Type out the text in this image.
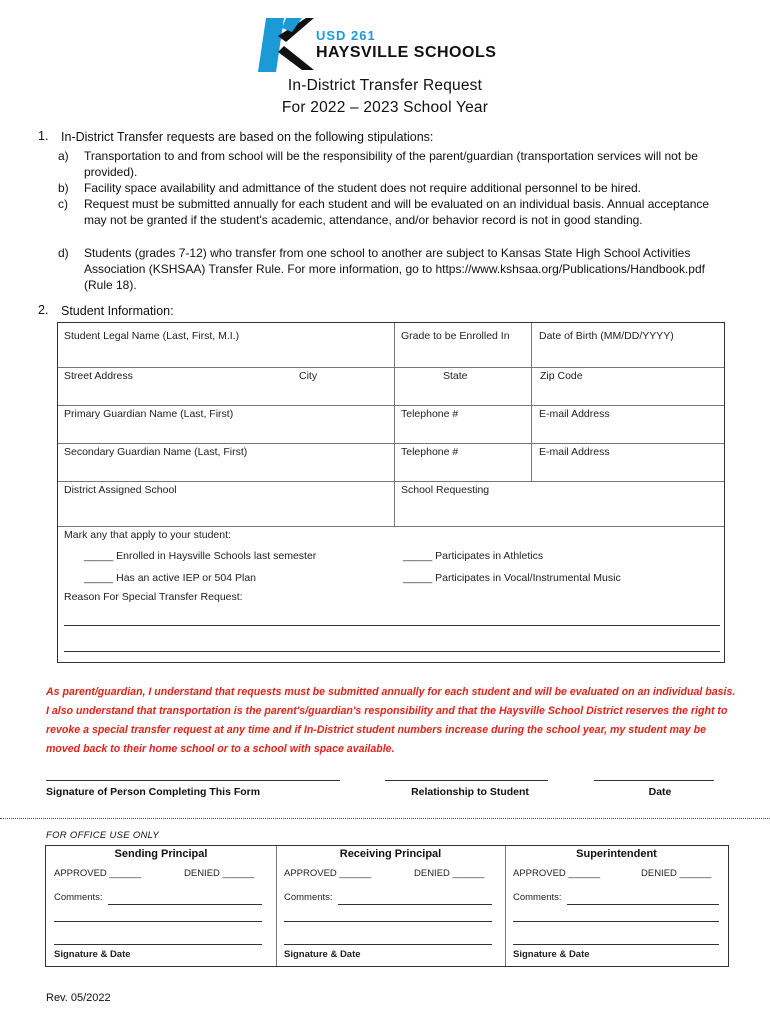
USD 261
HAYSVILLE SCHOOLS
In-District Transfer Request
For 2022 – 2023 School Year
1. In-District Transfer requests are based on the following stipulations:
a) Transportation to and from school will be the responsibility of the parent/guardian (transportation services will not be provided).
b) Facility space availability and admittance of the student does not require additional personnel to be hired.
c) Request must be submitted annually for each student and will be evaluated on an individual basis. Annual acceptance may not be granted if the student's academic, attendance, and/or behavior record is not in good standing.
d) Students (grades 7-12) who transfer from one school to another are subject to Kansas State High School Activities Association (KSHSAA) Transfer Rule. For more information, go to https://www.kshsaa.org/Publications/Handbook.pdf (Rule 18).
2. Student Information:
Student Legal Name (Last, First, M.I.)	Grade to be Enrolled In	Date of Birth (MM/DD/YYYY)
Street Address	City	State	Zip Code
Primary Guardian Name (Last, First)	Telephone #	E-mail Address
Secondary Guardian Name (Last, First)	Telephone #	E-mail Address
District Assigned School	School Requesting
Mark any that apply to your student:
_____ Enrolled in Haysville Schools last semester	_____ Participates in Athletics
_____ Has an active IEP or 504 Plan	_____ Participates in Vocal/Instrumental Music
Reason For Special Transfer Request:
As parent/guardian, I understand that requests must be submitted annually for each student and will be evaluated on an individual basis. I also understand that transportation is the parent's/guardian's responsibility and that the Haysville School District reserves the right to revoke a special transfer request at any time and if In-District student numbers increase during the school year, my student may be moved back to their home school or to a school with space available.
Signature of Person Completing This Form	Relationship to Student	Date
FOR OFFICE USE ONLY
Sending Principal
APPROVED ______	DENIED ______
Comments:
Signature & Date
Receiving Principal
APPROVED ______	DENIED ______
Comments:
Signature & Date
Superintendent
APPROVED ______	DENIED ______
Comments:
Signature & Date
Rev. 05/2022
